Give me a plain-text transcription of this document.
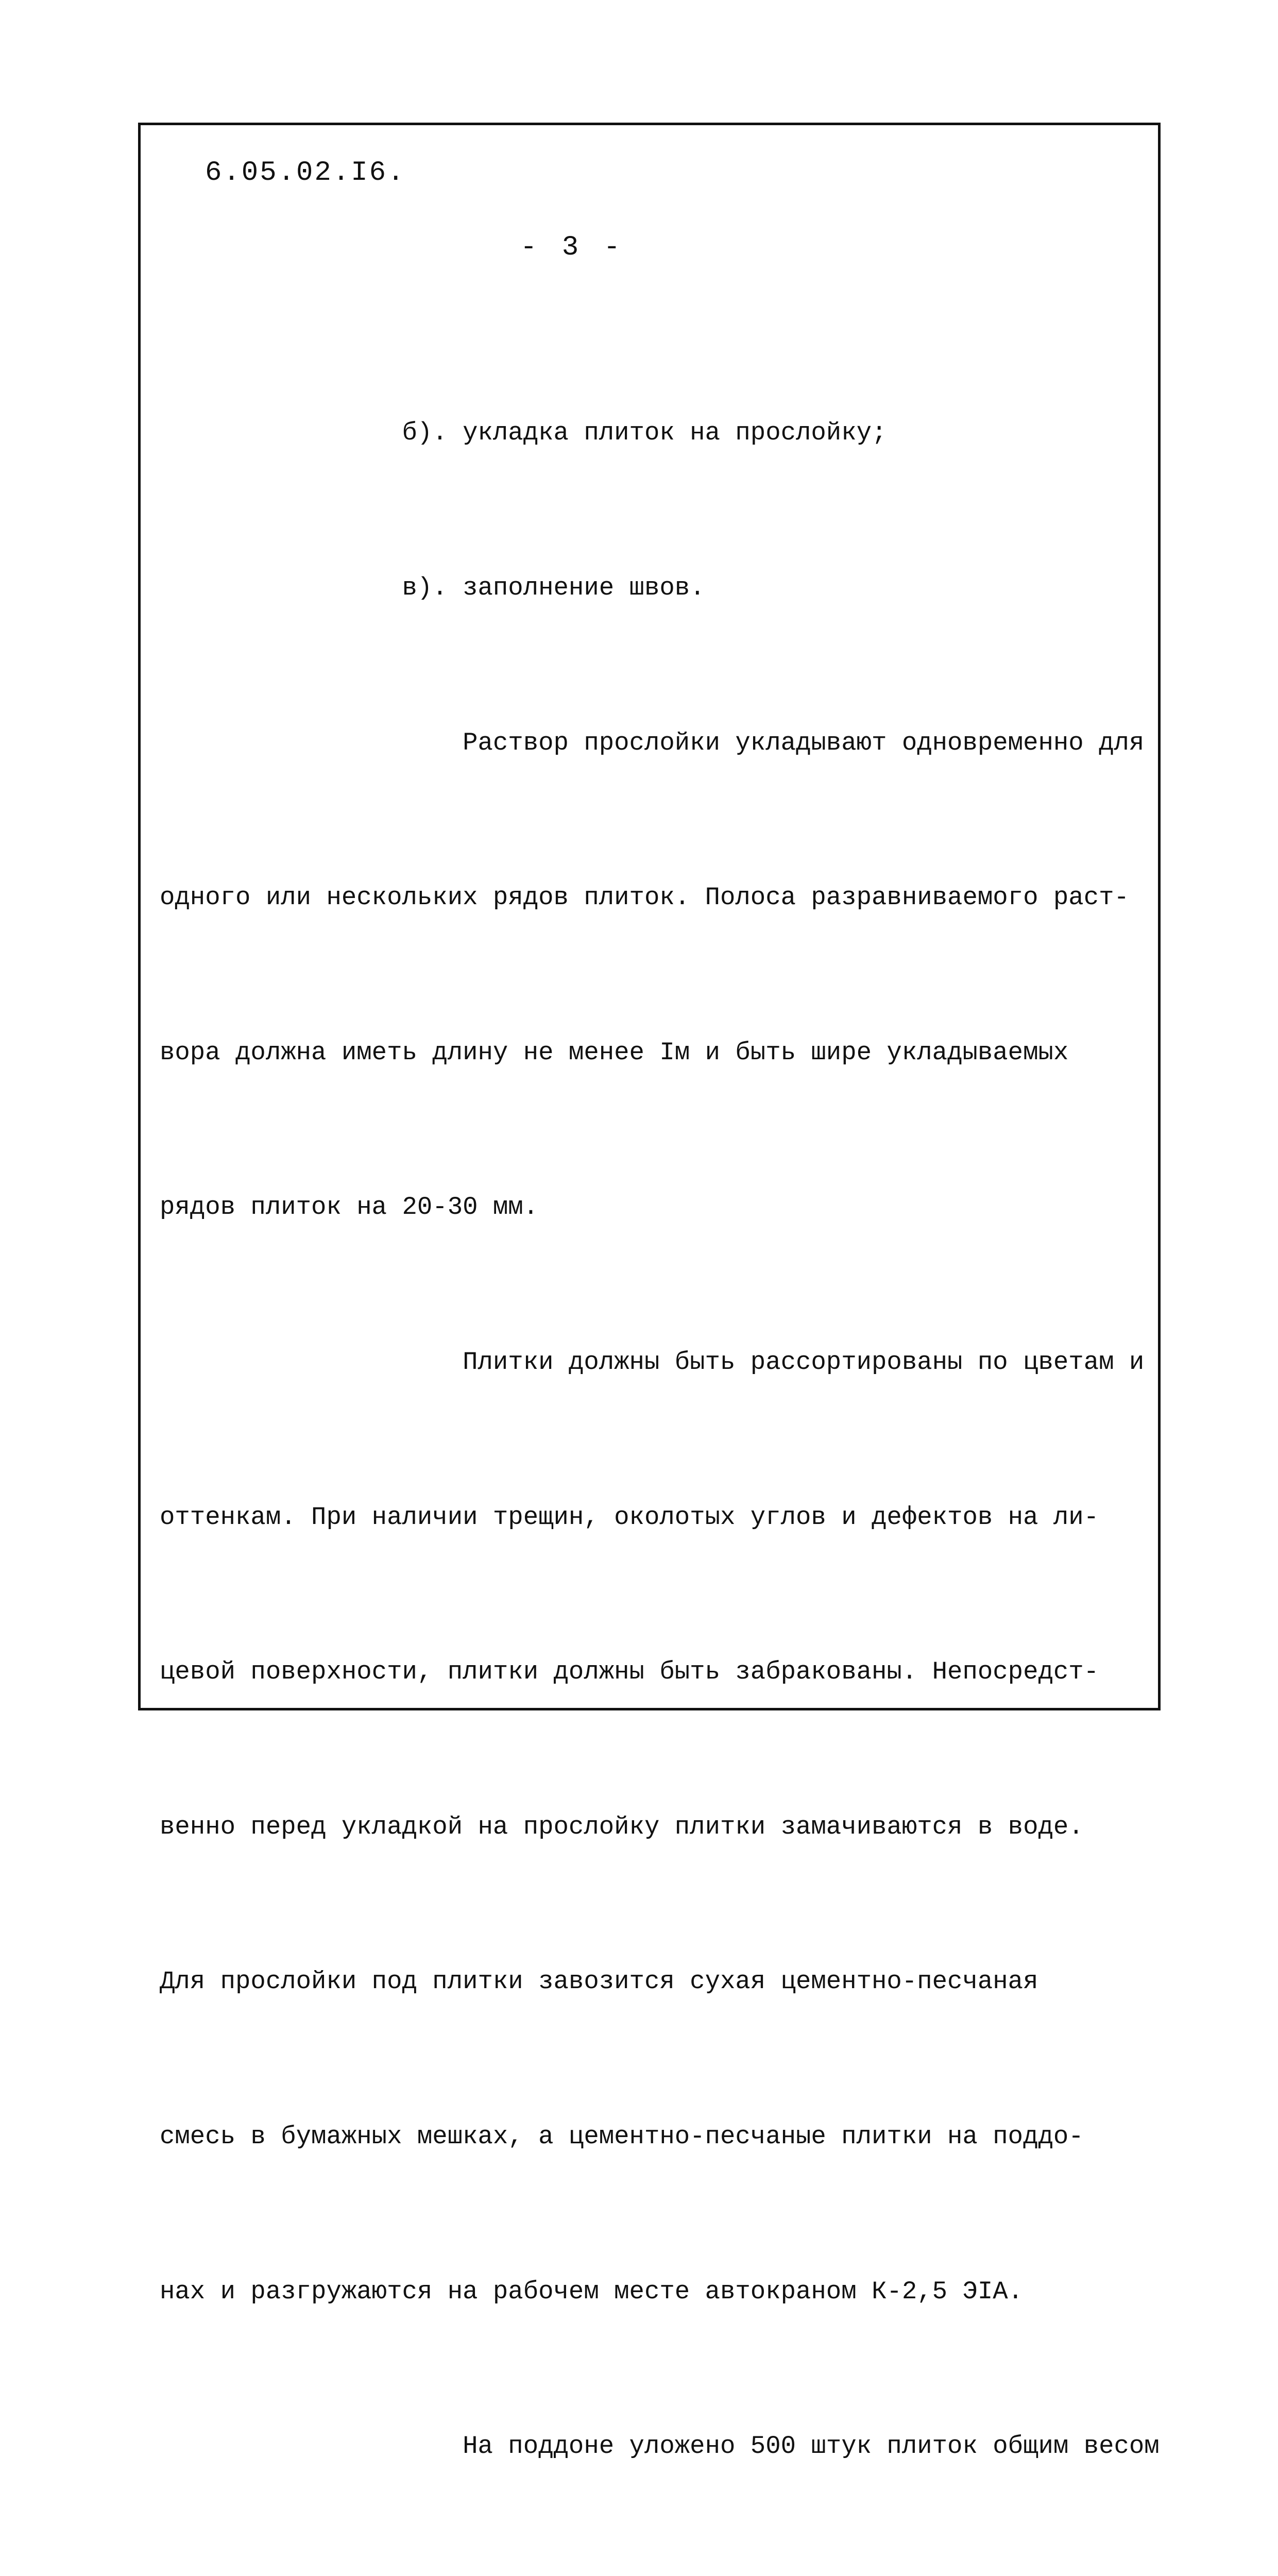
6.05.02.I6.
- 3 -

б). укладка плиток на прослойку;

в). заполнение швов.

Раствор прослойки укладывают одновременно для

одного или нескольких рядов плиток. Полоса разравниваемого раст-

вора должна иметь длину не менее Iм и быть шире укладываемых

рядов плиток на 20-30 мм.

Плитки должны быть рассортированы по цветам и

оттенкам. При наличии трещин, околотых углов и дефектов на ли-

цевой поверхности, плитки должны быть забракованы. Непосредст-

венно перед укладкой на прослойку плитки замачиваются в воде.

Для прослойки под плитки завозится сухая цементно-песчаная

смесь в бумажных мешках, а цементно-песчаные плитки на поддо-

нах и разгружаются на рабочем месте автокраном К-2,5 ЭIА.

На поддоне уложено 500 штук плиток общим весом
